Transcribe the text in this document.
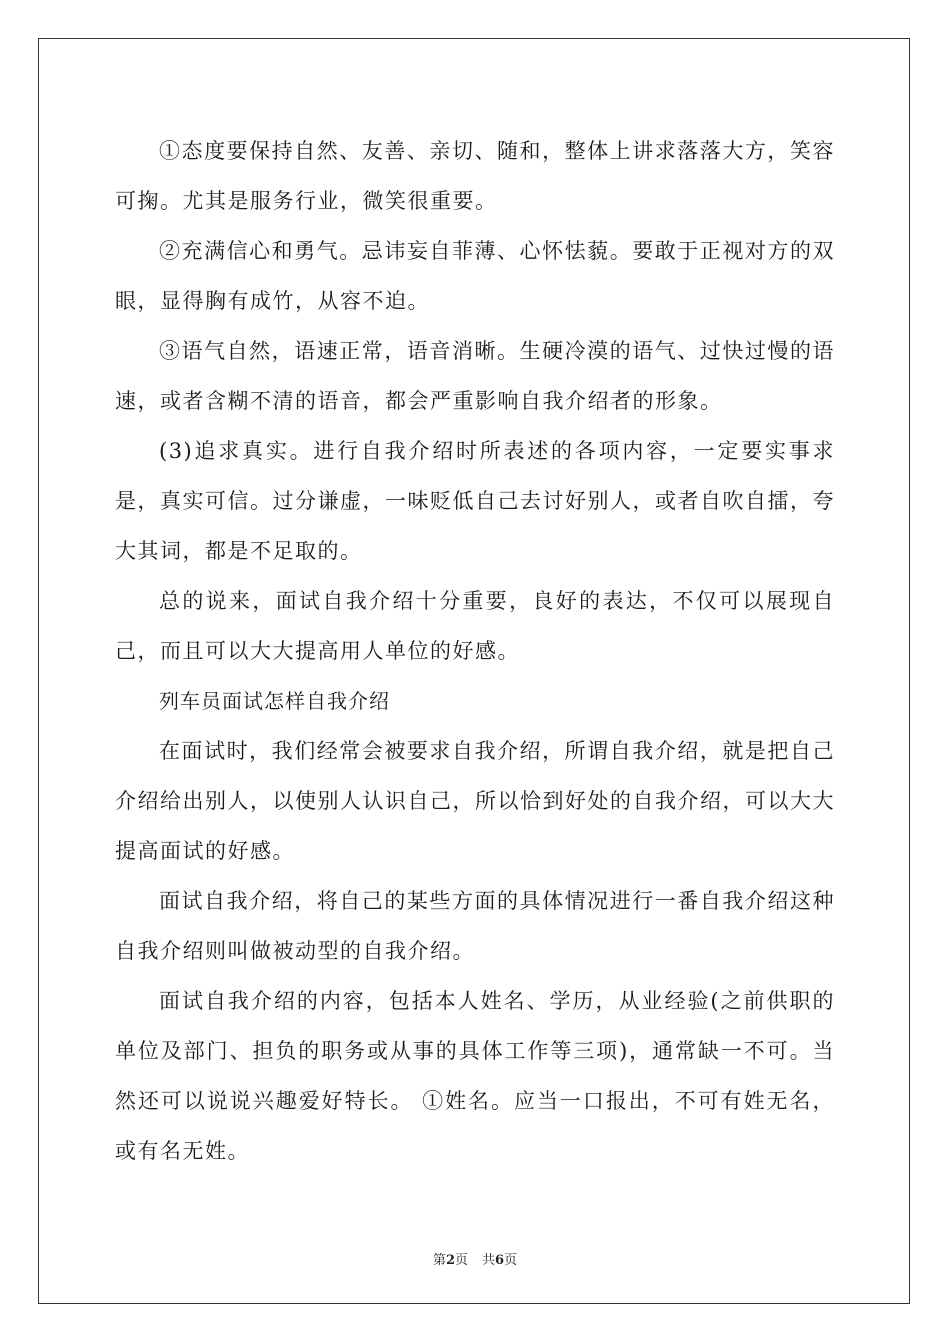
①态度要保持自然、友善、亲切、随和，整体上讲求落落大方，笑容可掬。尤其是服务行业，微笑很重要。

②充满信心和勇气。忌讳妄自菲薄、心怀怯藐。要敢于正视对方的双眼，显得胸有成竹，从容不迫。

③语气自然，语速正常，语音消晰。生硬冷漠的语气、过快过慢的语速，或者含糊不清的语音，都会严重影响自我介绍者的形象。

(3)追求真实。进行自我介绍时所表述的各项内容，一定要实事求是，真实可信。过分谦虚，一味贬低自己去讨好别人，或者自吹自擂，夸大其词，都是不足取的。

总的说来，面试自我介绍十分重要，良好的表达，不仅可以展现自己，而且可以大大提高用人单位的好感。

列车员面试怎样自我介绍

在面试时，我们经常会被要求自我介绍，所谓自我介绍，就是把自己介绍给出别人，以使别人认识自己，所以恰到好处的自我介绍，可以大大提高面试的好感。

面试自我介绍，将自己的某些方面的具体情况进行一番自我介绍这种自我介绍则叫做被动型的自我介绍。

面试自我介绍的内容，包括本人姓名、学历，从业经验(之前供职的单位及部门、担负的职务或从事的具体工作等三项)，通常缺一不可。当然还可以说说兴趣爱好特长。 ①姓名。应当一口报出，不可有姓无名，或有名无姓。

第2页 共6页
